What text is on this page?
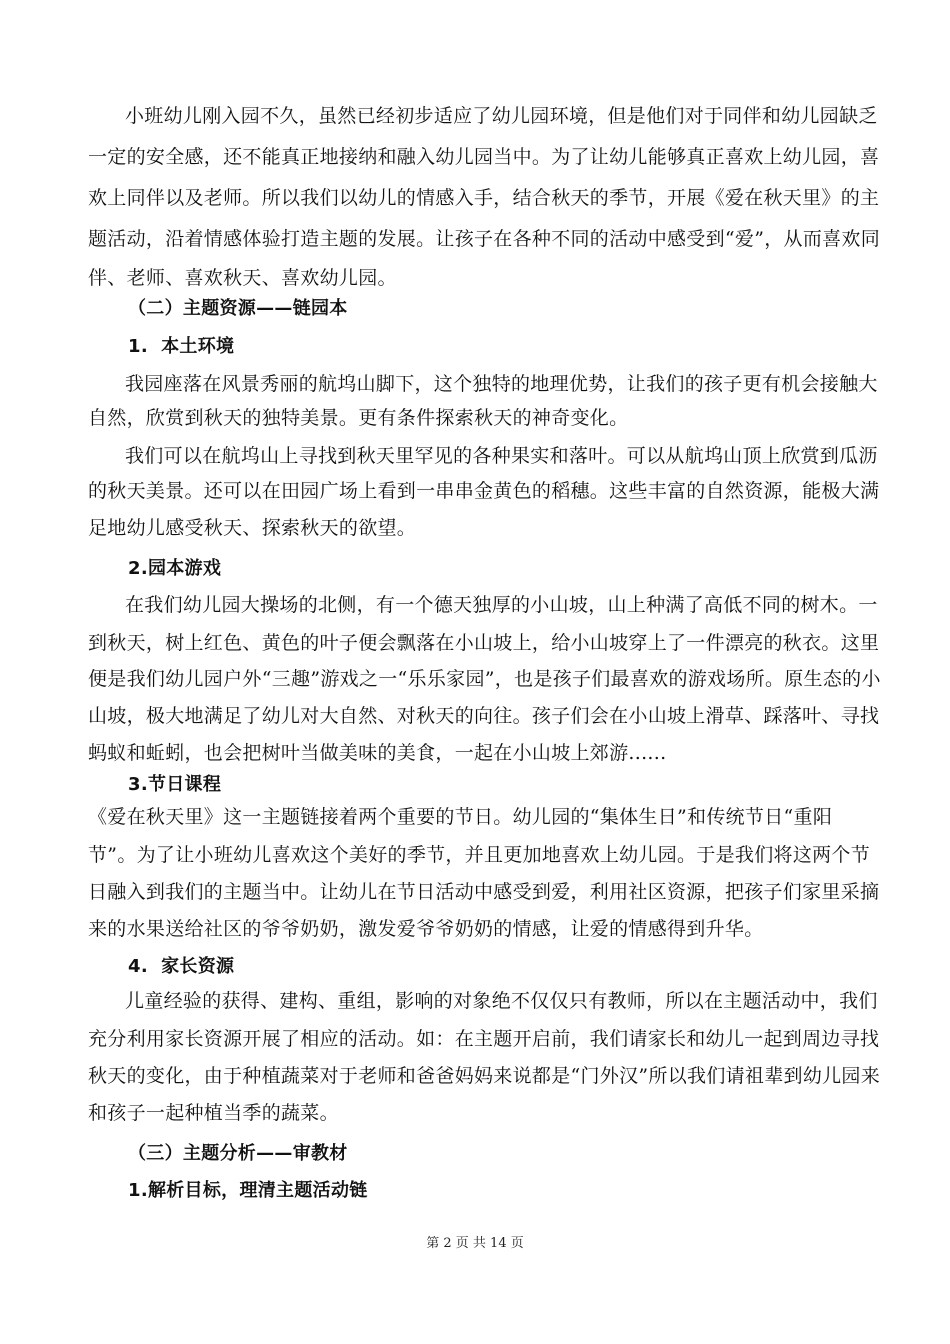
小班幼儿刚入园不久，虽然已经初步适应了幼儿园环境，但是他们对于同伴和幼儿园缺乏
一定的安全感，还不能真正地接纳和融入幼儿园当中。为了让幼儿能够真正喜欢上幼儿园，喜
欢上同伴以及老师。所以我们以幼儿的情感入手，结合秋天的季节，开展《爱在秋天里》的主
题活动，沿着情感体验打造主题的发展。让孩子在各种不同的活动中感受到“爱”，从而喜欢同
伴、老师、喜欢秋天、喜欢幼儿园。
（二）主题资源——链园本
1.  本土环境
我园座落在风景秀丽的航坞山脚下，这个独特的地理优势，让我们的孩子更有机会接触大
自然，欣赏到秋天的独特美景。更有条件探索秋天的神奇变化。
我们可以在航坞山上寻找到秋天里罕见的各种果实和落叶。可以从航坞山顶上欣赏到瓜沥
的秋天美景。还可以在田园广场上看到一串串金黄色的稻穗。这些丰富的自然资源，能极大满
足地幼儿感受秋天、探索秋天的欲望。
2.园本游戏
在我们幼儿园大操场的北侧，有一个德天独厚的小山坡，山上种满了高低不同的树木。一
到秋天，树上红色、黄色的叶子便会飘落在小山坡上，给小山坡穿上了一件漂亮的秋衣。这里
便是我们幼儿园户外“三趣”游戏之一“乐乐家园”，也是孩子们最喜欢的游戏场所。原生态的小
山坡，极大地满足了幼儿对大自然、对秋天的向往。孩子们会在小山坡上滑草、踩落叶、寻找
蚂蚁和蚯蚓，也会把树叶当做美味的美食，一起在小山坡上郊游......
3.节日课程
《爱在秋天里》这一主题链接着两个重要的节日。幼儿园的“集体生日”和传统节日“重阳
节”。为了让小班幼儿喜欢这个美好的季节，并且更加地喜欢上幼儿园。于是我们将这两个节
日融入到我们的主题当中。让幼儿在节日活动中感受到爱，利用社区资源，把孩子们家里采摘
来的水果送给社区的爷爷奶奶，激发爱爷爷奶奶的情感，让爱的情感得到升华。
4.  家长资源
儿童经验的获得、建构、重组，影响的对象绝不仅仅只有教师，所以在主题活动中，我们
充分利用家长资源开展了相应的活动。如：在主题开启前，我们请家长和幼儿一起到周边寻找
秋天的变化，由于种植蔬菜对于老师和爸爸妈妈来说都是“门外汉”所以我们请祖辈到幼儿园来
和孩子一起种植当季的蔬菜。
（三）主题分析——审教材
1.解析目标，理清主题活动链
第 2 页 共 14 页
